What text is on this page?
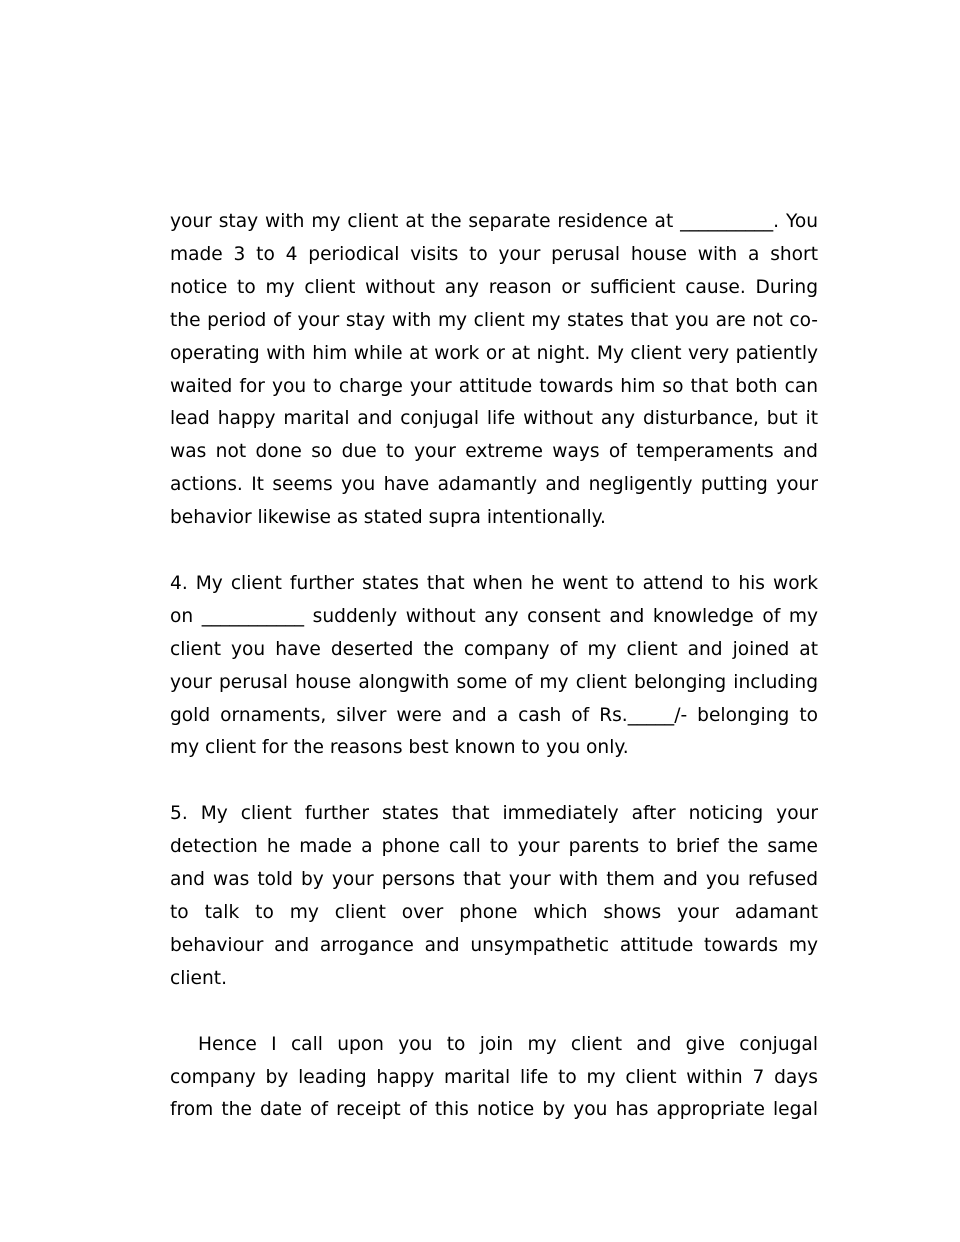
your stay with my client at the separate residence at __________. You
made 3 to 4 periodical visits to your perusal house with a short
notice to my client without any reason or sufficient cause. During
the period of your stay with my client my states that you are not co-
operating with him while at work or at night. My client very patiently
waited for you to charge your attitude towards him so that both can
lead happy marital and conjugal life without any disturbance, but it
was not done so due to your extreme ways of temperaments and
actions. It seems you have adamantly and negligently putting your
behavior likewise as stated supra intentionally.

4. My client further states that when he went to attend to his work
on ___________ suddenly without any consent and knowledge of my
client you have deserted the company of my client and joined at
your perusal house alongwith some of my client belonging including
gold ornaments, silver were and a cash of Rs._____/- belonging to
my client for the reasons best known to you only.

5. My client further states that immediately after noticing your
detection he made a phone call to your parents to brief the same
and was told by your persons that your with them and you refused
to talk to my client over phone which shows your adamant
behaviour and arrogance and unsympathetic attitude towards my
client.

Hence I call upon you to join my client and give conjugal
company by leading happy marital life to my client within 7 days
from the date of receipt of this notice by you has appropriate legal
